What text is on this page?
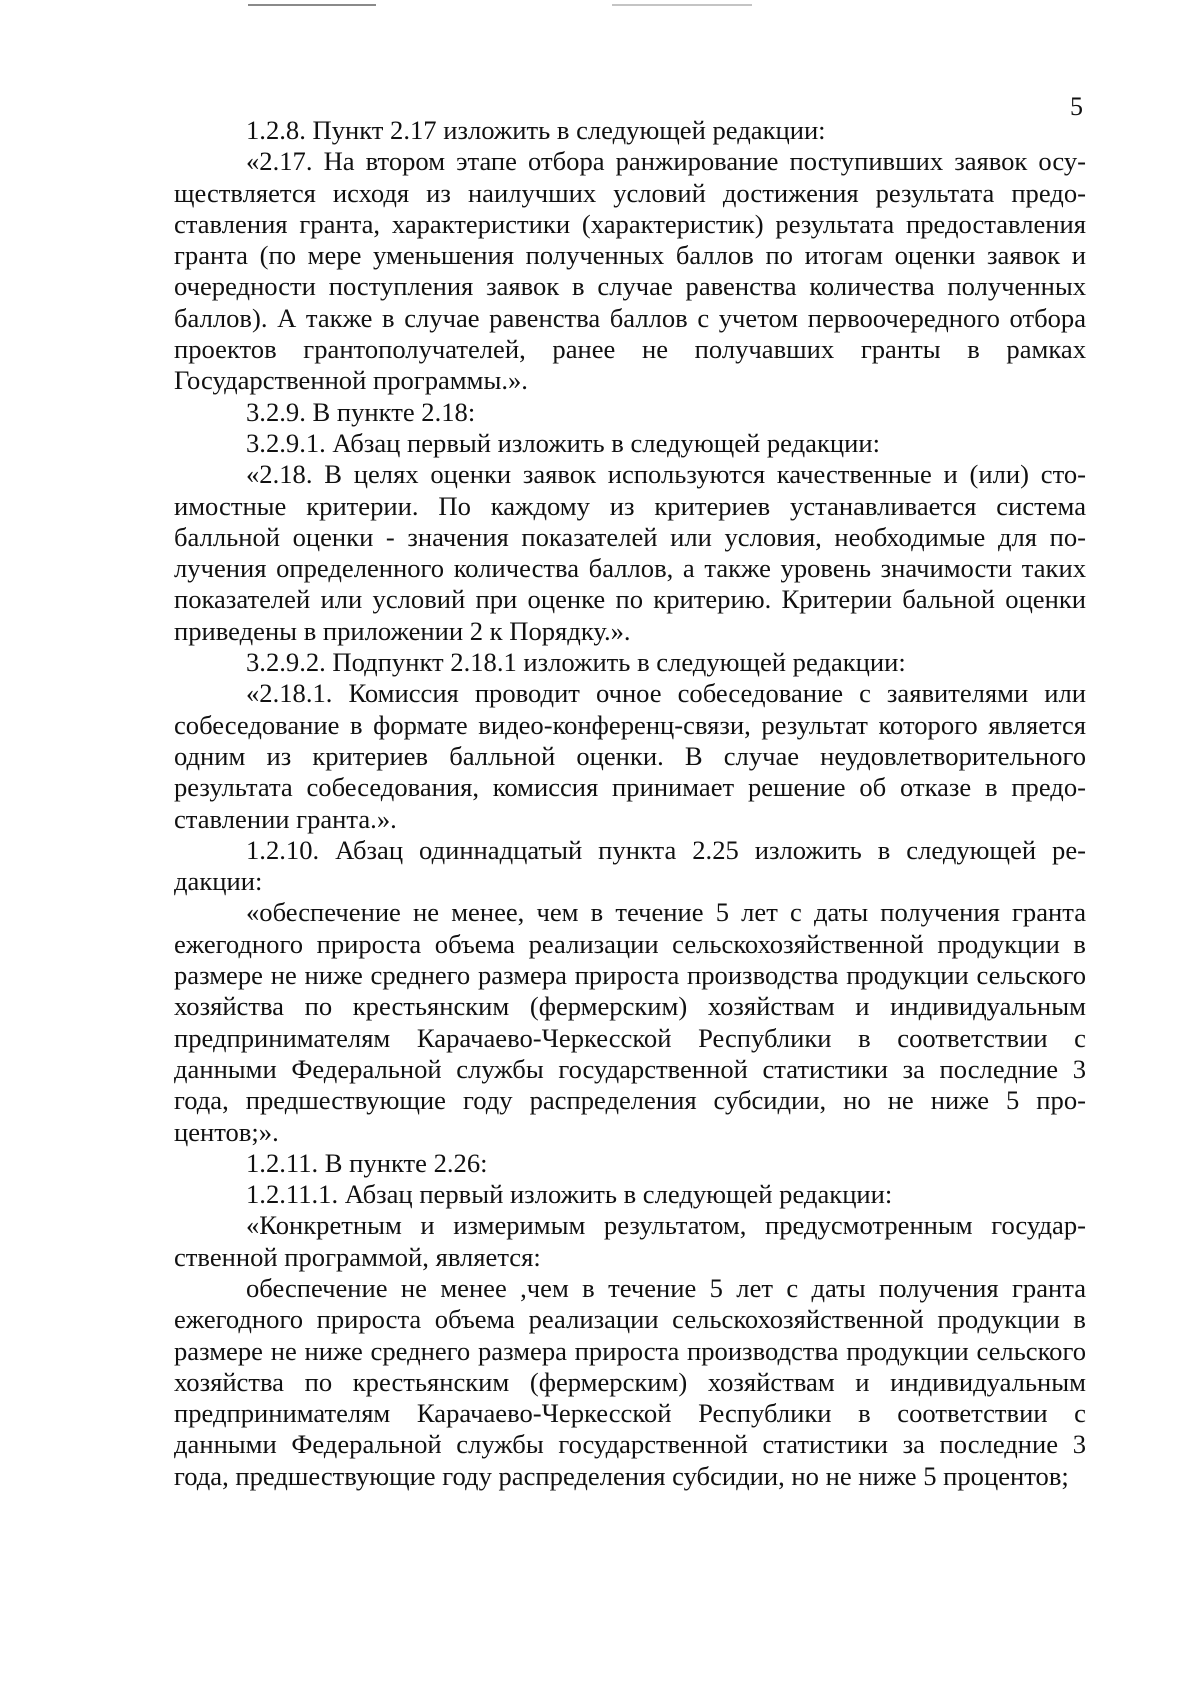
5

1.2.8. Пункт 2.17 изложить в следующей редакции:

«2.17. На втором этапе отбора ранжирование поступивших заявок осуществляется исходя из наилучших условий достижения результата предоставления гранта, характеристики (характеристик) результата предоставления гранта (по мере уменьшения полученных баллов по итогам оценки заявок и очередности поступления заявок в случае равенства количества полученных баллов). А также в случае равенства баллов с учетом первоочередного отбора проектов грантополучателей, ранее не получавших гранты в рамках Государственной программы.».

3.2.9. В пункте 2.18:

3.2.9.1. Абзац первый изложить в следующей редакции:

«2.18. В целях оценки заявок используются качественные и (или) стоимостные критерии. По каждому из критериев устанавливается система балльной оценки - значения показателей или условия, необходимые для получения определенного количества баллов, а также уровень значимости таких показателей или условий при оценке по критерию. Критерии бальной оценки приведены в приложении 2 к Порядку.».

3.2.9.2. Подпункт 2.18.1 изложить в следующей редакции:

«2.18.1. Комиссия проводит очное собеседование с заявителями или собеседование в формате видео-конференц-связи, результат которого является одним из критериев балльной оценки. В случае неудовлетворительного результата собеседования, комиссия принимает решение об отказе в предоставлении гранта.».

1.2.10. Абзац одиннадцатый пункта 2.25 изложить в следующей редакции:

«обеспечение не менее, чем в течение 5 лет с даты получения гранта ежегодного прироста объема реализации сельскохозяйственной продукции в размере не ниже среднего размера прироста производства продукции сельского хозяйства по крестьянским (фермерским) хозяйствам и индивидуальным предпринимателям Карачаево-Черкесской Республики в соответствии с данными Федеральной службы государственной статистики за последние 3 года, предшествующие году распределения субсидии, но не ниже 5 процентов;».

1.2.11. В пункте 2.26:

1.2.11.1. Абзац первый изложить в следующей редакции:

«Конкретным и измеримым результатом, предусмотренным государственной программой, является:

обеспечение не менее ,чем в течение 5 лет с даты получения гранта ежегодного прироста объема реализации сельскохозяйственной продукции в размере не ниже среднего размера прироста производства продукции сельского хозяйства по крестьянским (фермерским) хозяйствам и индивидуальным предпринимателям Карачаево-Черкесской Республики в соответствии с данными Федеральной службы государственной статистики за последние 3 года, предшествующие году распределения субсидии, но не ниже 5 процентов;
